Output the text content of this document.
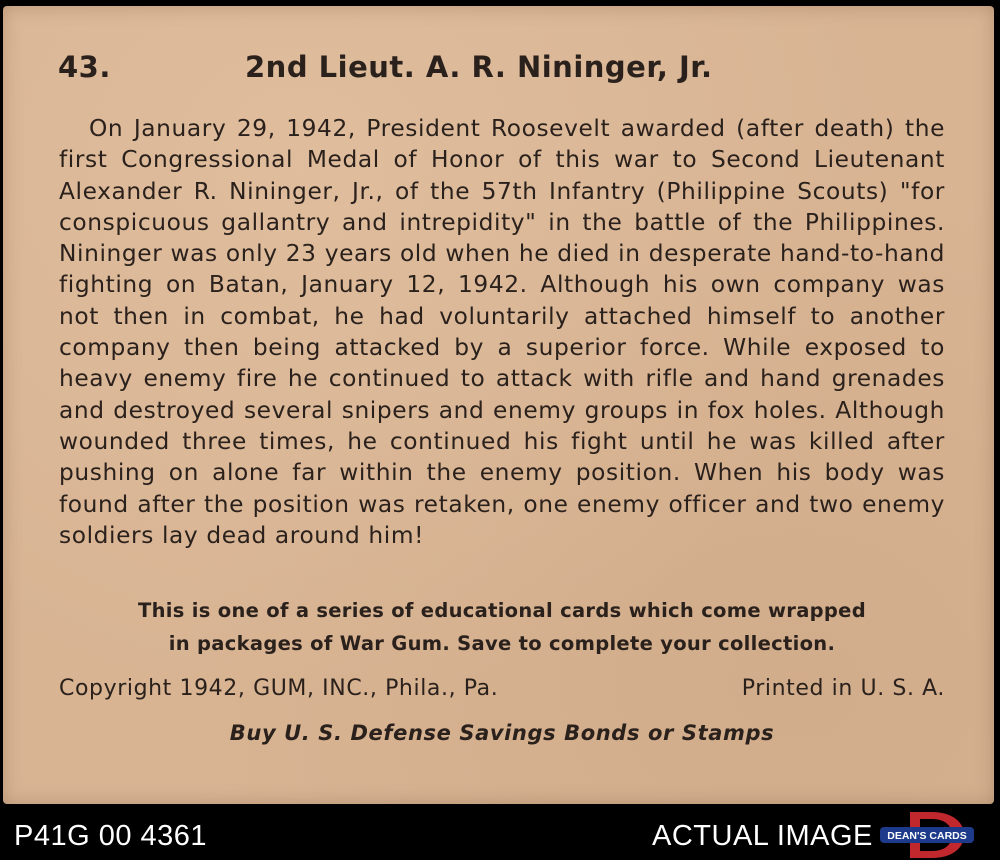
43.	2nd Lieut. A. R. Nininger, Jr.

On January 29, 1942, President Roosevelt awarded (after death) the first Congressional Medal of Honor of this war to Second Lieutenant Alexander R. Nininger, Jr., of the 57th Infantry (Philippine Scouts) "for conspicuous gallantry and intrepidity" in the battle of the Philippines. Nininger was only 23 years old when he died in desperate hand-to-hand fighting on Batan, January 12, 1942. Although his own company was not then in combat, he had voluntarily attached himself to another company then being attacked by a superior force. While exposed to heavy enemy fire he continued to attack with rifle and hand grenades and destroyed several snipers and enemy groups in fox holes. Although wounded three times, he continued his fight until he was killed after pushing on alone far within the enemy position. When his body was found after the position was retaken, one enemy officer and two enemy soldiers lay dead around him!

This is one of a series of educational cards which come wrapped
in packages of War Gum. Save to complete your collection.
Copyright 1942, GUM, INC., Phila., Pa.	Printed in U. S. A.
Buy U. S. Defense Savings Bonds or Stamps
P41G 00 4361	ACTUAL IMAGE DEAN'S CARDS
